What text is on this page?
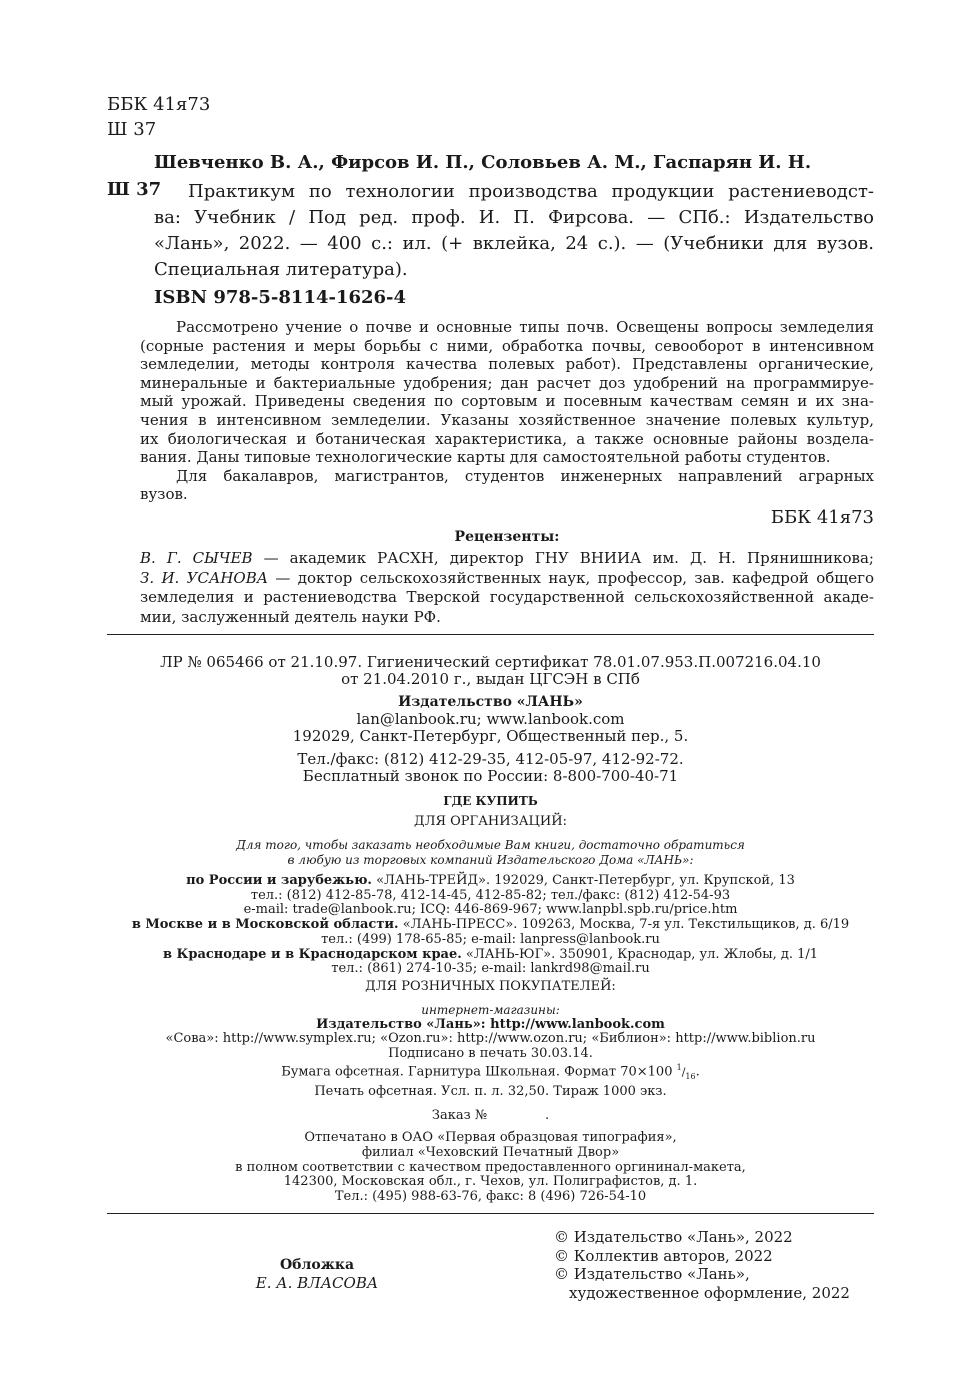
ББК 41я73
Ш 37
Шевченко В. А., Фирсов И. П., Соловьев А. М., Гаспарян И. Н.
Ш 37	Практикум по технологии производства продукции растениеводст-
ва: Учебник / Под ред. проф. И. П. Фирсова. — СПб.: Издательство
«Лань», 2022. — 400 с.: ил. (+ вклейка, 24 с.). — (Учебники для вузов.
Специальная литература).
ISBN 978-5-8114-1626-4
Рассмотрено учение о почве и основные типы почв. Освещены вопросы земледелия
(сорные растения и меры борьбы с ними, обработка почвы, севооборот в интенсивном
земледелии, методы контроля качества полевых работ). Представлены органические,
минеральные и бактериальные удобрения; дан расчет доз удобрений на программируе-
мый урожай. Приведены сведения по сортовым и посевным качествам семян и их зна-
чения в интенсивном земледелии. Указаны хозяйственное значение полевых культур,
их биологическая и ботаническая характеристика, а также основные районы воздела-
вания. Даны типовые технологические карты для самостоятельной работы студентов.
Для бакалавров, магистрантов, студентов инженерных направлений аграрных
вузов.
ББК 41я73
Рецензенты:
В. Г. СЫЧЕВ — академик РАСХН, директор ГНУ ВНИИА им. Д. Н. Прянишникова;
З. И. УСАНОВА — доктор сельскохозяйственных наук, профессор, зав. кафедрой общего
земледелия и растениеводства Тверской государственной сельскохозяйственной акаде-
мии, заслуженный деятель науки РФ.
ЛР № 065466 от 21.10.97. Гигиенический сертификат 78.01.07.953.П.007216.04.10
от 21.04.2010 г., выдан ЦГСЭН в СПб
Издательство «ЛАНЬ»
lan@lanbook.ru; www.lanbook.com
192029, Санкт-Петербург, Общественный пер., 5.
Тел./факс: (812) 412-29-35, 412-05-97, 412-92-72.
Бесплатный звонок по России: 8-800-700-40-71
ГДЕ КУПИТЬ
ДЛЯ ОРГАНИЗАЦИЙ:
Для того, чтобы заказать необходимые Вам книги, достаточно обратиться
в любую из торговых компаний Издательского Дома «ЛАНЬ»:
по России и зарубежью. «ЛАНЬ-ТРЕЙД». 192029, Санкт-Петербург, ул. Крупской, 13
тел.: (812) 412-85-78, 412-14-45, 412-85-82; тел./факс: (812) 412-54-93
e-mail: trade@lanbook.ru; ICQ: 446-869-967; www.lanpbl.spb.ru/price.htm
в Москве и в Московской области. «ЛАНЬ-ПРЕСС». 109263, Москва, 7-я ул. Текстильщиков, д. 6/19
тел.: (499) 178-65-85; e-mail: lanpress@lanbook.ru
в Краснодаре и в Краснодарском крае. «ЛАНЬ-ЮГ». 350901, Краснодар, ул. Жлобы, д. 1/1
тел.: (861) 274-10-35; e-mail: lankrd98@mail.ru
ДЛЯ РОЗНИЧНЫХ ПОКУПАТЕЛЕЙ:
интернет-магазины:
Издательство «Лань»: http://www.lanbook.com
«Сова»: http://www.symplex.ru; «Ozon.ru»: http://www.ozon.ru; «Библион»: http://www.biblion.ru
Подписано в печать 30.03.14.
Бумага офсетная. Гарнитура Школьная. Формат 70×100 $^1/_{16}$.
Печать офсетная. Усл. п. л. 32,50. Тираж 1000 экз.
Заказ №              .
Отпечатано в ОАО «Первая образцовая типография»,
филиал «Чеховский Печатный Двор»
в полном соответствии с качеством предоставленного оргининал-макета,
142300, Московская обл., г. Чехов, ул. Полиграфистов, д. 1.
Тел.: (495) 988-63-76, факс: 8 (496) 726-54-10
Обложка
Е. А. ВЛАСОВА
© Издательство «Лань», 2022
© Коллектив авторов, 2022
© Издательство «Лань»,
художественное оформление, 2022
